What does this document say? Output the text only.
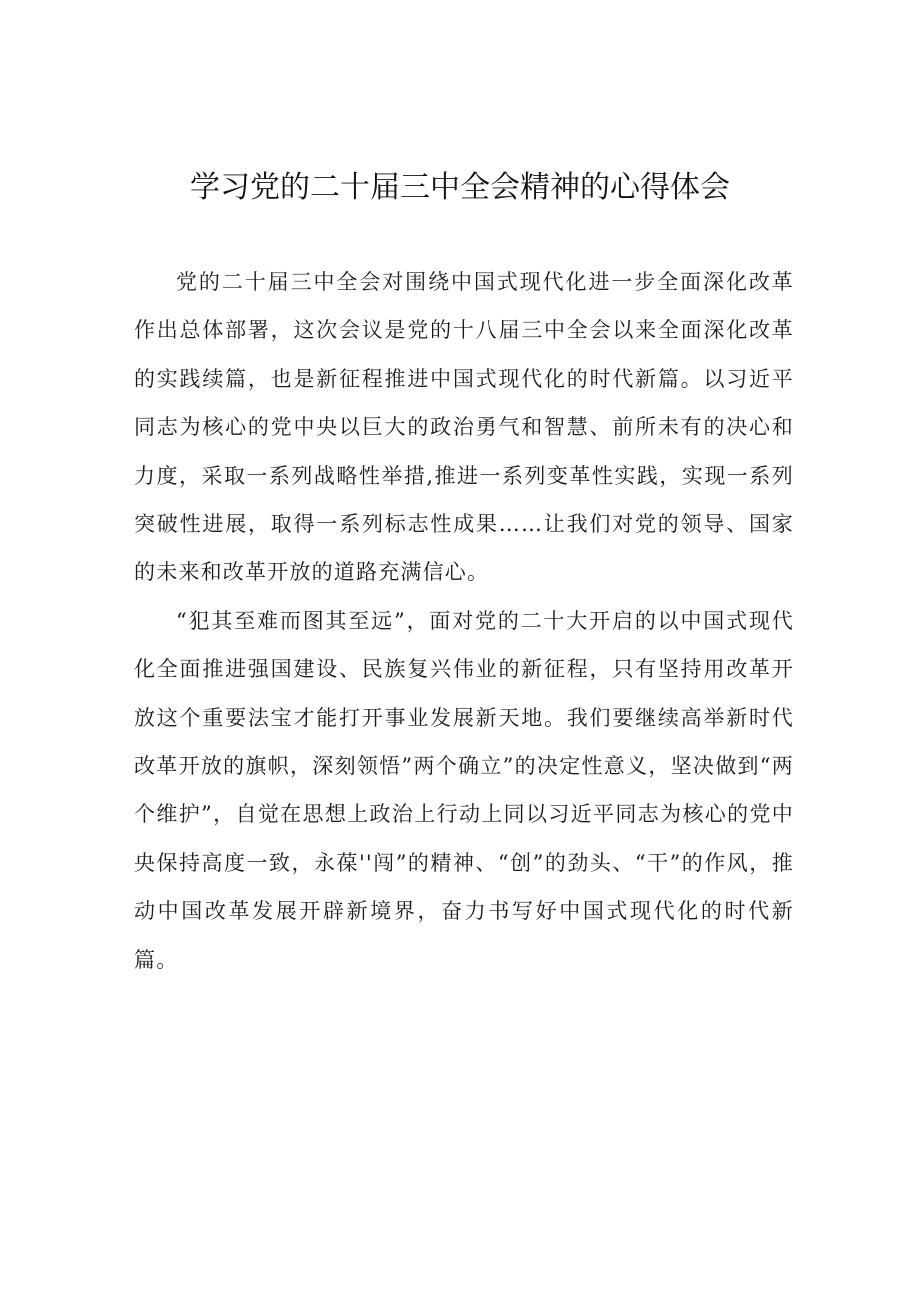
学习党的二十届三中全会精神的心得体会

党的二十届三中全会对围绕中国式现代化进一步全面深化改革作出总体部署，这次会议是党的十八届三中全会以来全面深化改革的实践续篇，也是新征程推进中国式现代化的时代新篇。以习近平同志为核心的党中央以巨大的政治勇气和智慧、前所未有的决心和力度，采取一系列战略性举措,推进一系列变革性实践，实现一系列突破性进展，取得一系列标志性成果……让我们对党的领导、国家的未来和改革开放的道路充满信心。

“犯其至难而图其至远”，面对党的二十大开启的以中国式现代化全面推进强国建设、民族复兴伟业的新征程，只有坚持用改革开放这个重要法宝才能打开事业发展新天地。我们要继续高举新时代改革开放的旗帜，深刻领悟”两个确立”的决定性意义，坚决做到“两个维护”，自觉在思想上政治上行动上同以习近平同志为核心的党中央保持高度一致，永葆''闯”的精神、“创”的劲头、“干”的作风，推动中国改革发展开辟新境界，奋力书写好中国式现代化的时代新篇。
